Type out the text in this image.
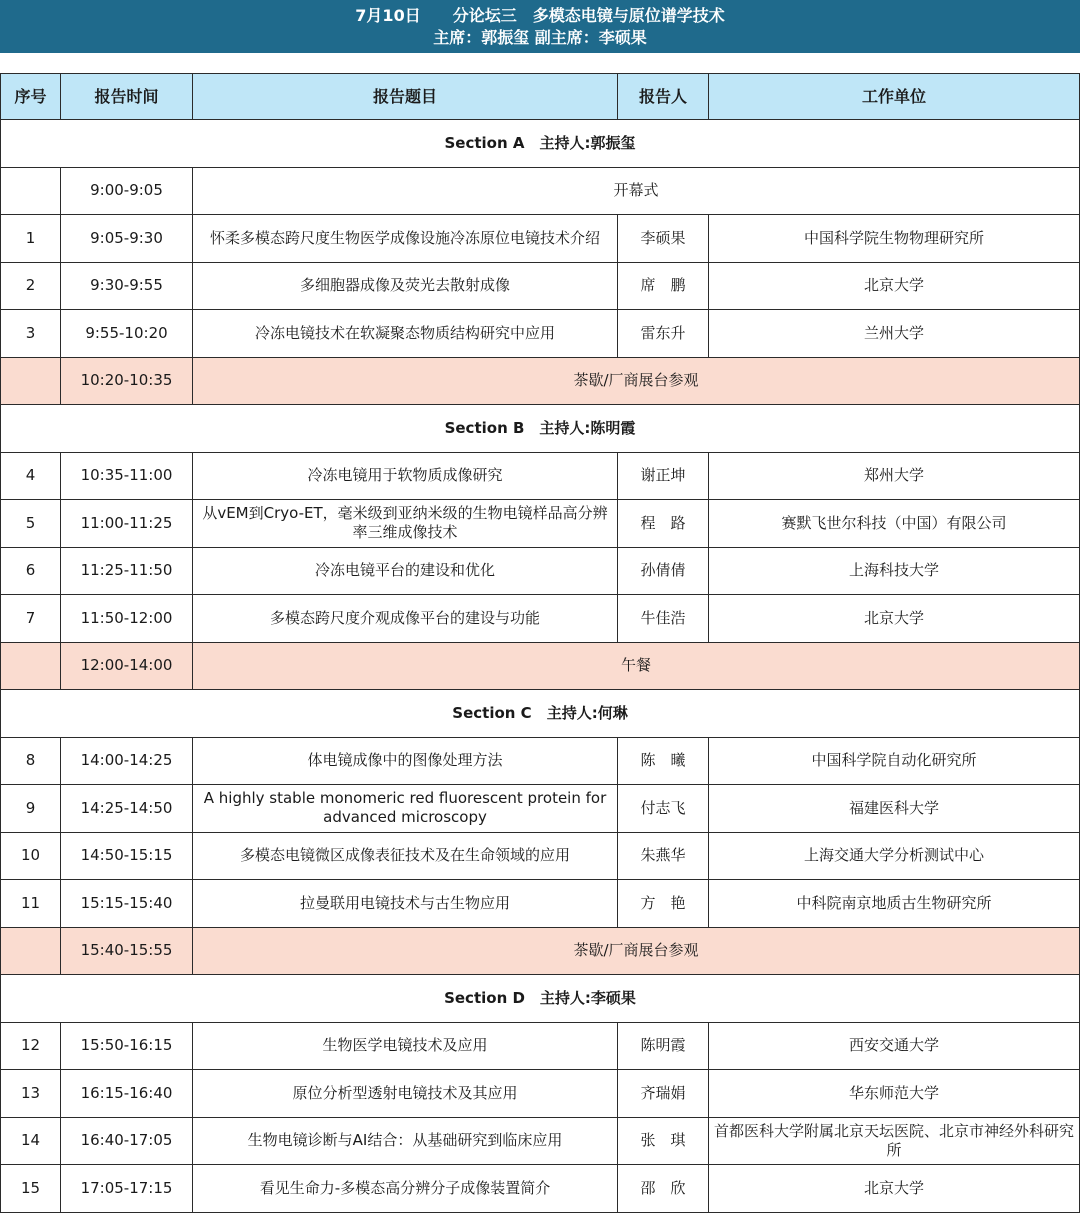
7月10日　　分论坛三　多模态电镜与原位谱学技术
主席：郭振玺 副主席：李硕果
序号	报告时间	报告题目	报告人	工作单位
Section A　主持人:郭振玺				
	9:00-9:05	开幕式		
1	9:05-9:30	怀柔多模态跨尺度生物医学成像设施冷冻原位电镜技术介绍	李硕果	中国科学院生物物理研究所
2	9:30-9:55	多细胞器成像及荧光去散射成像	席　鹏	北京大学
3	9:55-10:20	冷冻电镜技术在软凝聚态物质结构研究中应用	雷东升	兰州大学
	10:20-10:35	茶歇/厂商展台参观		
Section B　主持人:陈明霞				
4	10:35-11:00	冷冻电镜用于软物质成像研究	谢正坤	郑州大学
5	11:00-11:25	从vEM到Cryo-ET，毫米级到亚纳米级的生物电镜样品高分辨率三维成像技术	程　路	赛默飞世尔科技（中国）有限公司
6	11:25-11:50	冷冻电镜平台的建设和优化	孙倩倩	上海科技大学
7	11:50-12:00	多模态跨尺度介观成像平台的建设与功能	牛佳浩	北京大学
	12:00-14:00	午餐		
Section C　主持人:何琳				
8	14:00-14:25	体电镜成像中的图像处理方法	陈　曦	中国科学院自动化研究所
9	14:25-14:50	A highly stable monomeric red fluorescent protein for advanced microscopy	付志飞	福建医科大学
10	14:50-15:15	多模态电镜微区成像表征技术及在生命领域的应用	朱燕华	上海交通大学分析测试中心
11	15:15-15:40	拉曼联用电镜技术与古生物应用	方　艳	中科院南京地质古生物研究所
	15:40-15:55	茶歇/厂商展台参观		
Section D　主持人:李硕果				
12	15:50-16:15	生物医学电镜技术及应用	陈明霞	西安交通大学
13	16:15-16:40	原位分析型透射电镜技术及其应用	齐瑞娟	华东师范大学
14	16:40-17:05	生物电镜诊断与AI结合：从基础研究到临床应用	张　琪	首都医科大学附属北京天坛医院、北京市神经外科研究所
15	17:05-17:15	看见生命力-多模态高分辨分子成像装置简介	邵　欣	北京大学
